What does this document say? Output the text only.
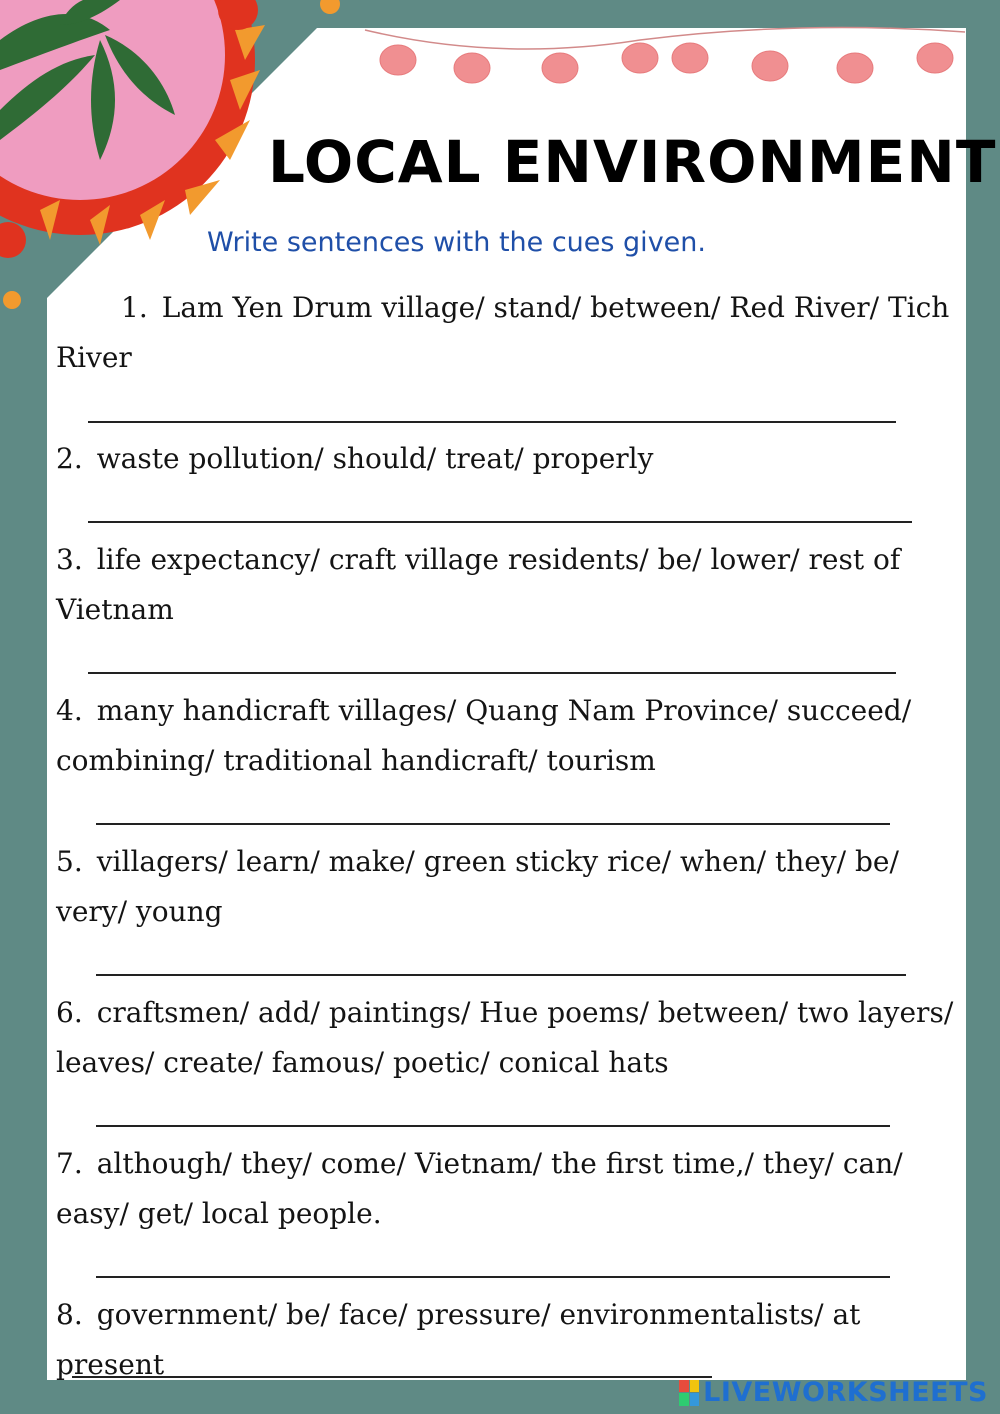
LOCAL ENVIRONMENT
Write sentences with the cues given.
1. Lam Yen Drum village/ stand/ between/ Red River/ Tich River
2. waste pollution/ should/ treat/ properly
3. life expectancy/ craft village residents/ be/ lower/ rest of Vietnam
4. many handicraft villages/ Quang Nam Province/ succeed/ combining/ traditional handicraft/ tourism
5. villagers/ learn/ make/ green sticky rice/ when/ they/ be/ very/ young
6. craftsmen/ add/ paintings/ Hue poems/ between/ two layers/ leaves/ create/ famous/ poetic/ conical hats
7. although/ they/ come/ Vietnam/ the first time,/ they/ can/ easy/ get/ local people.
8. government/ be/ face/ pressure/ environmentalists/ at present
LIVEWORKSHEETS
